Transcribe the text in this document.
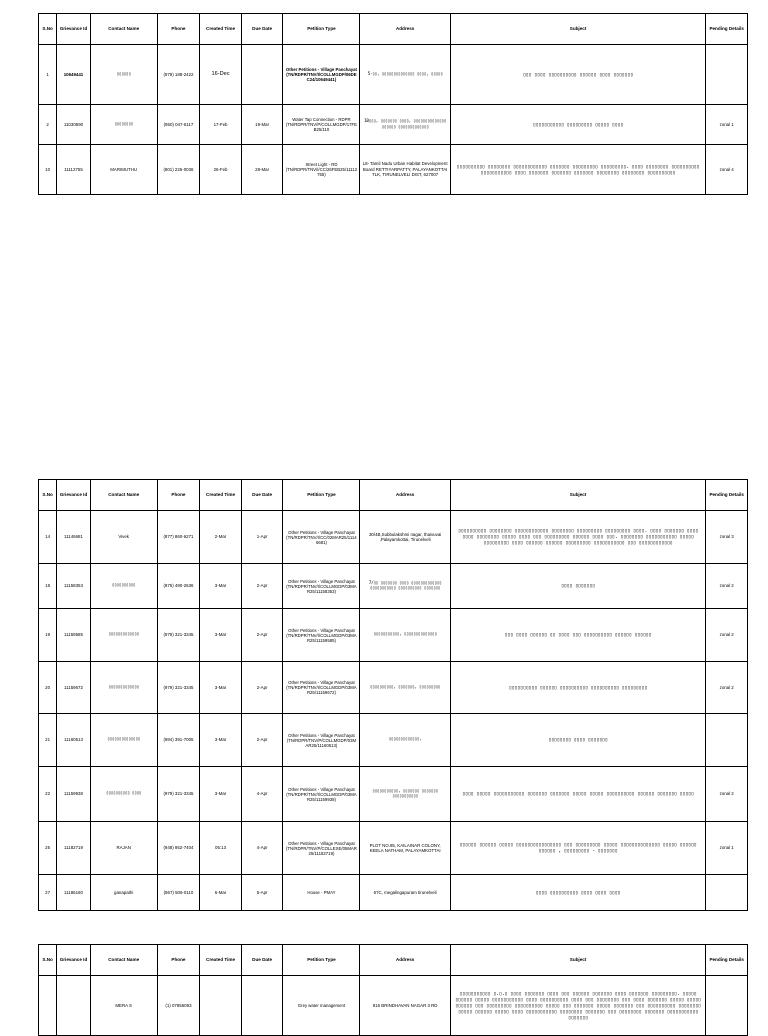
S.No	Grievance Id	Contact Name	Phone	Created Time	Due Date	Petition Type	Address	Subject	Pending Details
1	10649441	▯▯▯▯▯▯	(979) 188-2422	16-Dec		Other Petitions - Village Panchayat (TN/RDPR/TNV/I/COLLMGDP/06DEC24/10649441)	5-▯▯, ▯▯▯▯▯▯▯▯▯▯▯▯▯▯ ▯▯▯▯, ▯▯▯▯▯	▯▯▯ ▯▯▯▯ ▯▯▯▯▯▯▯▯▯▯ ▯▯▯▯▯▯ ▯▯▯▯ ▯▯▯▯▯▯▯	
2	11030590	▯▯▯▯▯▯▯▯	(950) 047-6117	17-Feb	19-Mar	Water Tap Connection - RDPR (TN/RDPR/TNV/P/COLLMGDP/17FEB25/110	10▯▯▯, ▯▯▯▯▯▯▯ ▯▯▯▯, ▯▯▯▯▯▯▯▯▯▯▯▯▯▯ ▯▯▯▯▯▯ ▯▯▯▯▯▯▯▯▯▯▯▯▯	▯▯▯▯▯▯▯▯▯▯▯ ▯▯▯▯▯▯▯▯▯ ▯▯▯▯▯ ▯▯▯▯	zonal 1
10	11112755	MARIMUTHU	(801) 226-0036	26-Feb	28-Mar	Street Light - RD (TN/RDPR/TNV/I/CC/26FEB25/11112755)	L8- Tamil Nadu Urban Habitat Development Board RETTIYARPATTY, PALAYANKOTTAI TLK, TIRUNELVELI DIST, 627007	▯▯▯▯▯▯▯▯▯▯ ▯▯▯▯▯▯▯▯ ▯▯▯▯▯▯▯▯▯▯▯▯ ▯▯▯▯▯▯▯ ▯▯▯▯▯▯▯▯▯ ▯▯▯▯▯▯▯▯▯. ▯▯▯▯ ▯▯▯▯▯▯▯▯ ▯▯▯▯▯▯▯▯▯▯ ▯▯▯▯▯▯▯▯▯▯▯ ▯▯▯▯ ▯▯▯▯▯▯▯ ▯▯▯▯▯▯▯ ▯▯▯▯▯▯▯ ▯▯▯▯▯▯▯▯ ▯▯▯▯▯▯▯▯ ▯▯▯▯▯▯▯▯▯▯	zonal 4
S.No	Grievance Id	Contact Name	Phone	Created Time	Due Date	Petition Type	Address	Subject	Pending Details
14	11146681	Vivek	(877) 860-6271	2-Mar	1-Apr	Other Petitions - Village Panchayat (TN/RDPR/TNV/I/CC/02MAR25/11146681)	30/4B,Subbulakshmi nagar, thaivuvai ,Palayamkottai, Tirunelveli	▯▯▯▯▯▯▯▯▯▯ ▯▯▯▯▯▯▯▯ ▯▯▯▯▯▯▯▯▯▯▯▯ ▯▯▯▯▯▯▯▯ ▯▯▯▯▯▯▯▯▯ ▯▯▯▯▯▯▯▯▯ ▯▯▯▯. ▯▯▯▯ ▯▯▯▯▯▯▯ ▯▯▯▯ ▯▯▯▯ ▯▯▯▯▯▯▯▯ ▯▯▯▯▯ ▯▯▯▯ ▯▯▯ ▯▯▯▯▯▯▯▯▯ ▯▯▯▯▯▯ ▯▯▯▯ ▯▯▯. ▯▯▯▯▯▯▯▯ ▯▯▯▯▯▯▯▯▯▯▯ ▯▯▯▯▯ ▯▯▯▯▯▯▯▯▯ ▯▯▯▯ ▯▯▯▯▯▯ ▯▯▯▯▯▯ ▯▯▯▯▯▯▯▯▯ ▯▯▯▯▯▯▯▯▯▯▯ ▯▯▯ ▯▯▯▯▯▯▯▯▯▯▯▯	zonal 3
18	11158353	▯▯▯▯▯▯▯▯▯▯	(875) 490-2636	3-Mar	2-Apr	Other Petitions - Village Panchayat (TN/RDPR/TNV/I/COLLMGDP/03MAR25/11158353)	7/▯▯ ▯▯▯▯▯▯▯ ▯▯▯▯ ▯▯▯▯▯▯▯▯▯▯▯▯▯ ▯▯▯▯▯▯▯▯▯▯▯ ▯▯▯▯▯▯▯▯▯▯ ▯▯▯▯▯▯▯	▯▯▯▯ ▯▯▯▯▯▯▯	zonal 2
19	11159585	▯▯▯▯▯▯▯▯▯▯▯▯▯	(979) 321-3345	3-Mar	2-Apr	Other Petitions - Village Panchayat (TN/RDPR/TNV/I/COLLMGDP/03MAR25/11159585)	▯▯▯▯▯▯▯▯▯▯▯, ▯▯▯▯▯▯▯▯▯▯▯▯▯▯	▯▯▯ ▯▯▯▯ ▯▯▯▯▯▯ ▯▯ ▯▯▯▯ ▯▯▯ ▯▯▯▯▯▯▯▯▯▯ ▯▯▯▯▯▯ ▯▯▯▯▯▯	zonal 2
20	11159672	▯▯▯▯▯▯▯▯▯▯▯▯▯	(979) 321-3345	3-Mar	2-Apr	Other Petitions - Village Panchayat (TN/RDPR/TNV/I/COLLMGDP/03MAR25/11159672)	▯▯▯▯▯▯▯▯▯▯, ▯▯▯▯▯▯▯, ▯▯▯▯▯▯▯▯▯	▯▯▯▯▯▯▯▯▯▯ ▯▯▯▯▯▯ ▯▯▯▯▯▯▯▯▯▯ ▯▯▯▯▯▯▯▯▯▯ ▯▯▯▯▯▯▯▯▯	zonal 2
21	11160513	▯▯▯▯▯▯▯▯▯▯▯▯▯▯	(984) 391-7005	3-Mar	2-Apr	Other Petitions - Village Panchayat (TN/RDPR/TNV/P/COLLMGDP/03MAR25/11160513)	▯▯▯▯▯▯▯▯▯▯▯▯▯,	▯▯▯▯▯▯▯▯ ▯▯▯▯ ▯▯▯▯▯▯▯	
22	11159938	▯▯▯▯▯▯▯▯▯▯ ▯▯▯▯	(979) 321-3345	3-Mar	4-Apr	Other Petitions - Village Panchayat (TN/RDPR/TNV/I/COLLMGDP/03MAR25/11159938)	▯▯▯▯▯▯▯▯▯▯▯, ▯▯▯▯▯▯▯ ▯▯▯▯▯▯▯ ▯▯▯▯▯▯▯▯▯▯▯	▯▯▯▯ ▯▯▯▯▯ ▯▯▯▯▯▯▯▯▯▯▯ ▯▯▯▯▯▯▯ ▯▯▯▯▯▯▯ ▯▯▯▯▯ ▯▯▯▯▯ ▯▯▯▯▯▯▯▯▯▯ ▯▯▯▯▯▯ ▯▯▯▯▯▯▯ ▯▯▯▯▯	zonal 2
25	11182719	RAJAN	(948) 952-7404	05:13	4-Apr	Other Petitions - Village Panchayat (TN/RDPR/TNV/P/COLLEXE/05MAR25/11182719)	PLOT NO.85, KAILAINAR COLONY, KEELA NATHAM, PALAYAMKOTTAI	▯▯▯▯▯▯ ▯▯▯▯▯▯ ▯▯▯▯▯ ▯▯▯▯▯▯▯▯▯▯▯▯▯▯▯▯ ▯▯▯ ▯▯▯▯▯▯▯▯▯ ▯▯▯▯▯ ▯▯▯▯▯▯▯▯▯▯▯▯▯▯ ▯▯▯▯▯ ▯▯▯▯▯▯ ▯▯▯▯▯▯ , ▯▯▯▯▯▯▯▯▯ - ▯▯▯▯▯▯▯	zonal 1
27	11186160	ganapathi	(867) 506-0110	6-Mar	5-Apr	House - PMAY	57C, megalingapuram tirunelveli	▯▯▯▯ ▯▯▯▯▯▯▯▯▯▯ ▯▯▯▯ ▯▯▯▯ ▯▯▯▯	
S.No	Grievance Id	Contact Name	Phone	Created Time	Due Date	Petition Type	Address	Subject	Pending Details
		MERA S	(1) 07856093			Grey water management	915 BRINDHAVAN NAGAR 3 RD	▯▯▯▯▯▯▯▯▯▯▯ ▯.▯.▯ ▯▯▯▯ ▯▯▯▯▯▯▯ ▯▯▯▯ ▯▯▯ ▯▯▯▯▯▯ ▯▯▯▯▯▯▯ ▯▯▯▯ ▯▯▯▯▯▯▯ ▯▯▯▯▯▯▯▯▯. ▯▯▯▯▯ ▯▯▯▯▯▯ ▯▯▯▯▯ ▯▯▯▯▯▯▯▯▯▯▯ ▯▯▯▯ ▯▯▯▯▯▯▯▯▯▯ ▯▯▯▯ ▯▯▯ ▯▯▯▯▯▯▯▯ ▯▯▯ ▯▯▯▯ ▯▯▯▯▯▯▯ ▯▯▯▯▯ ▯▯▯▯▯ ▯▯▯▯▯▯ ▯▯▯ ▯▯▯▯▯▯▯▯▯ ▯▯▯▯▯▯▯▯▯▯ ▯▯▯▯▯ ▯▯▯ ▯▯▯▯▯▯▯ ▯▯▯▯▯ ▯▯▯▯▯▯▯ ▯▯▯ ▯▯▯▯▯▯▯▯▯▯ ▯▯▯▯▯▯▯▯ ▯▯▯▯▯ ▯▯▯▯▯▯ ▯▯▯▯▯ ▯▯▯▯ ▯▯▯▯▯▯▯▯▯▯▯ ▯▯▯▯▯▯▯▯ ▯▯▯▯▯▯▯ ▯▯▯ ▯▯▯▯▯▯▯▯ ▯▯▯▯▯▯▯ ▯▯▯▯▯▯▯▯▯▯▯ ▯▯▯▯▯▯▯	
